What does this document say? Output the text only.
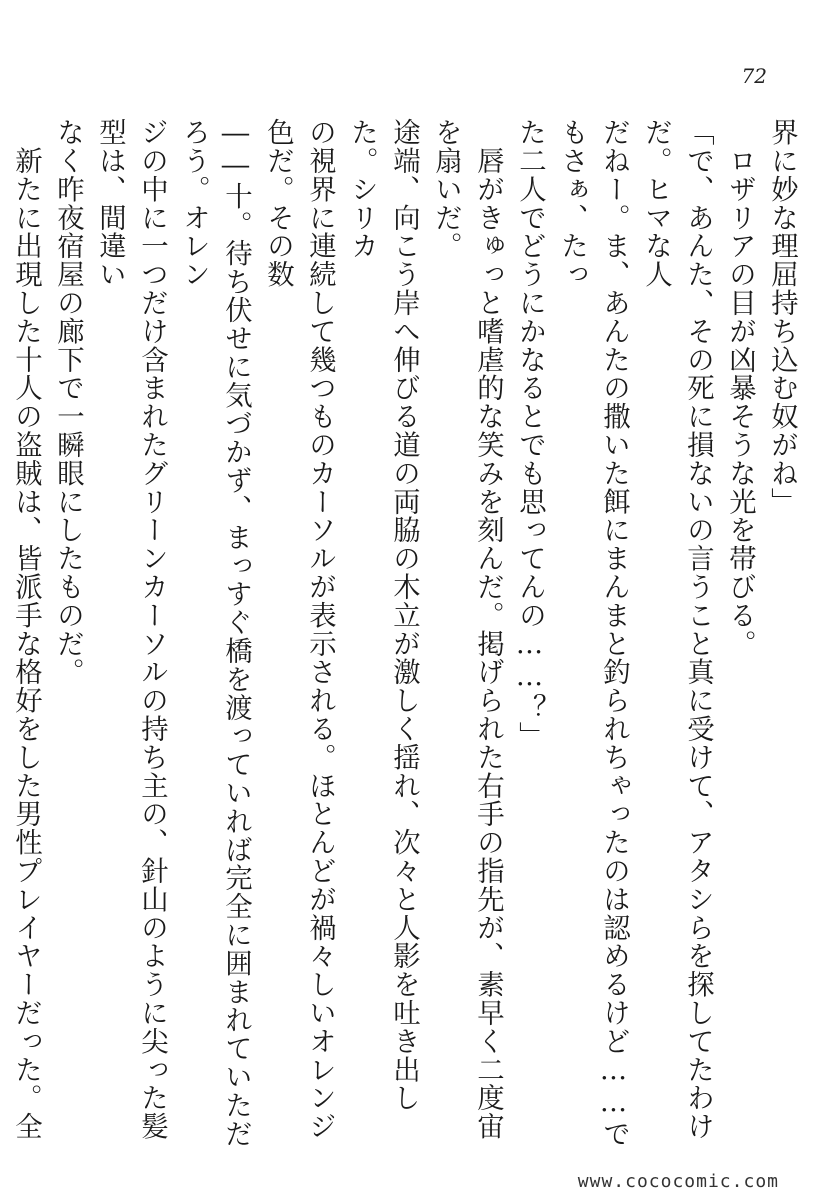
72

界に妙な理屈持ち込む奴がね」

　ロザリアの目が凶暴そうな光を帯びる。

「で、あんた、その死に損ないの言うこと真に受けて、アタシらを探してたわけだ。ヒマな人

だねー。ま、あんたの撒いた餌にまんまと釣られちゃったのは認めるけど……でもさぁ、たっ

た二人でどうにかなるとでも思ってんの……？」

　唇がきゅっと嗜虐的な笑みを刻んだ。掲げられた右手の指先が、素早く二度宙を扇いだ。

途端、向こう岸へ伸びる道の両脇の木立が激しく揺れ、次々と人影を吐き出した。シリカ

の視界に連続して幾つものカーソルが表示される。ほとんどが禍々しいオレンジ色だ。その数

――十。待ち伏せに気づかず、まっすぐ橋を渡っていれば完全に囲まれていただろう。オレン

ジの中に一つだけ含まれたグリーンカーソルの持ち主の、針山のように尖った髪型は、間違い

なく昨夜宿屋の廊下で一瞬眼にしたものだ。

　新たに出現した十人の盗賊は、皆派手な格好をした男性プレイヤーだった。全

www.cococomic.com
